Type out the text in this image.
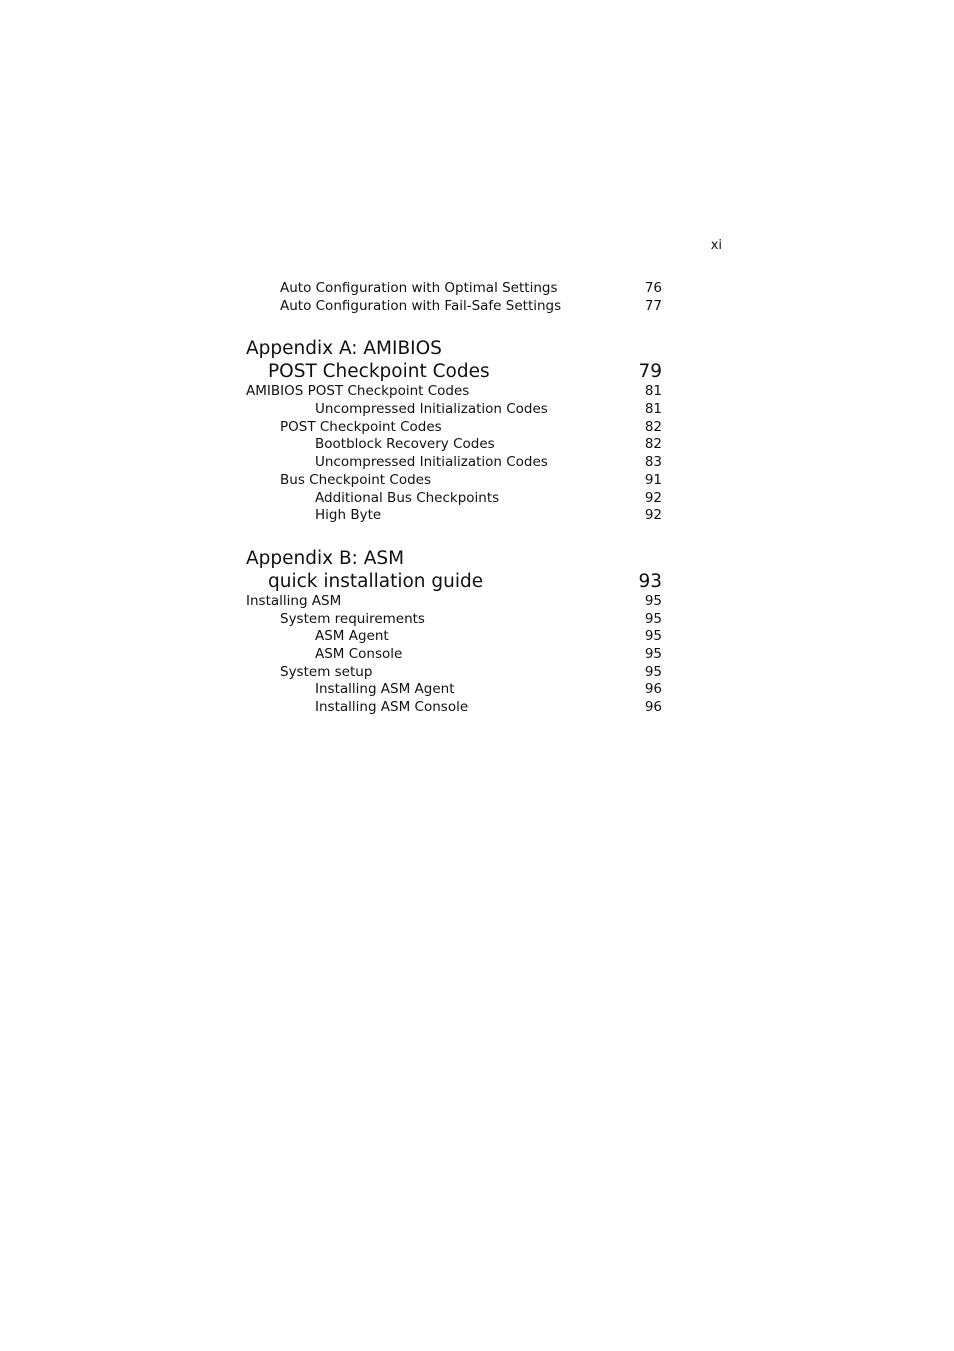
xi
Auto Configuration with Optimal Settings	76
Auto Configuration with Fail-Safe Settings	77
Appendix A: AMIBIOS
POST Checkpoint Codes	79
AMIBIOS POST Checkpoint Codes	81
Uncompressed Initialization Codes	81
POST Checkpoint Codes	82
Bootblock Recovery Codes	82
Uncompressed Initialization Codes	83
Bus Checkpoint Codes	91
Additional Bus Checkpoints	92
High Byte	92
Appendix B: ASM
quick installation guide	93
Installing ASM	95
System requirements	95
ASM Agent	95
ASM Console	95
System setup	95
Installing ASM Agent	96
Installing ASM Console	96
